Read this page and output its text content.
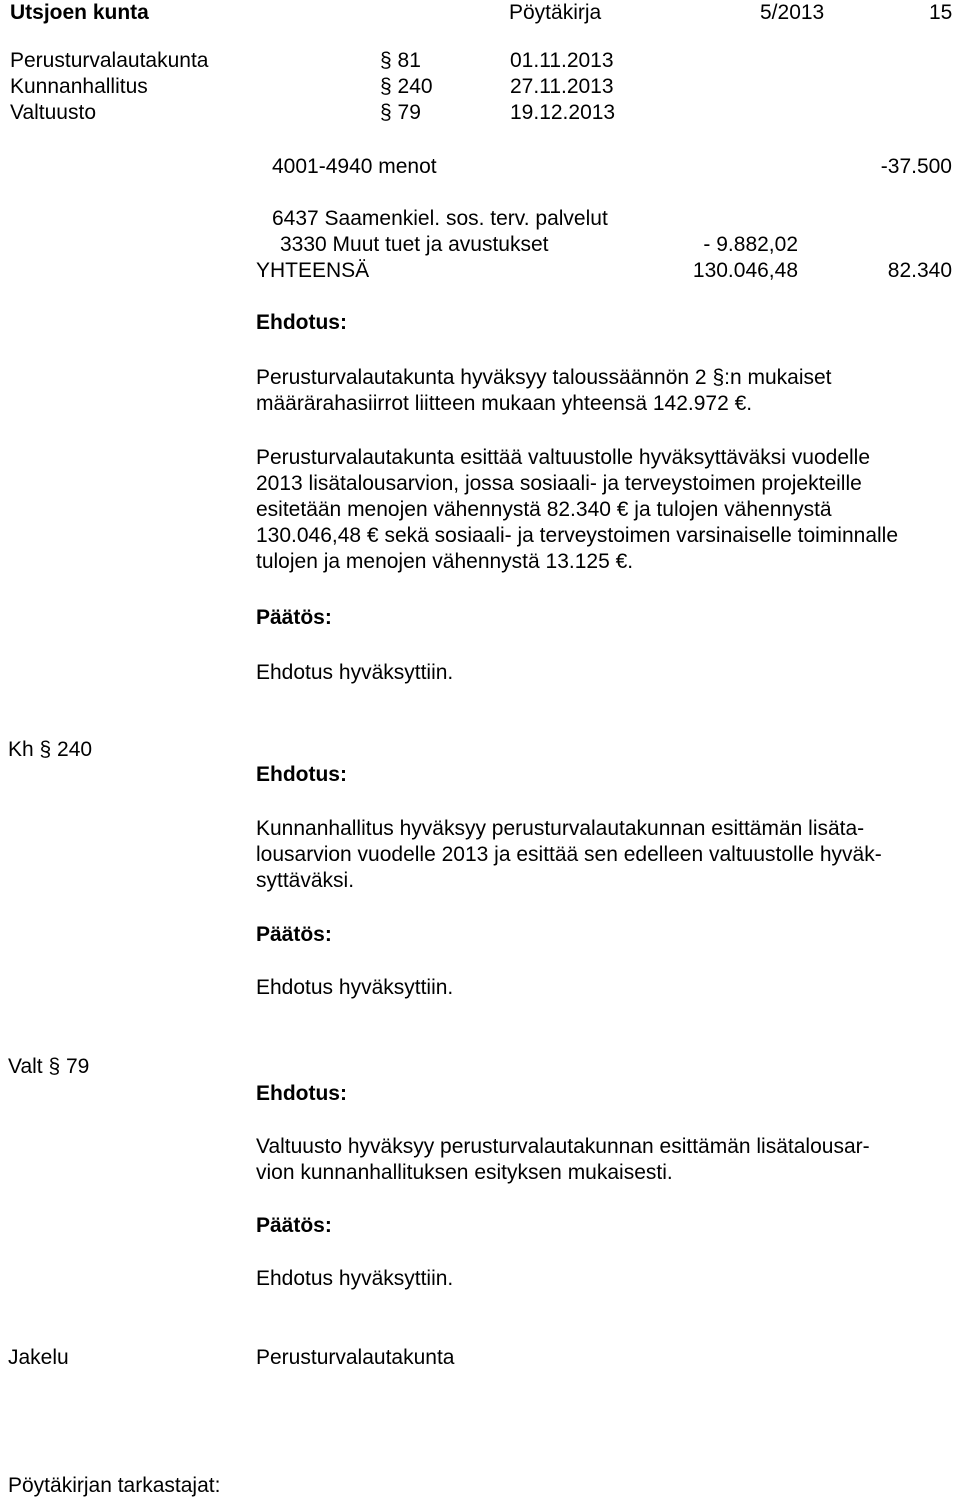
Utsjoen kunta	Pöytäkirja	5/2013	15
Perusturvalautakunta	§ 81	01.11.2013
Kunnanhallitus	§ 240	27.11.2013
Valtuusto	§ 79	19.12.2013
4001-4940 menot	-37.500
6437 Saamenkiel. sos. terv. palvelut
3330 Muut tuet ja avustukset	- 9.882,02
YHTEENSÄ	130.046,48	82.340
Ehdotus:
Perusturvalautakunta hyväksyy taloussäännön 2 §:n mukaiset
määrärahasiirrot liitteen mukaan yhteensä 142.972 €.
Perusturvalautakunta esittää valtuustolle hyväksyttäväksi vuodelle
2013 lisätalousarvion, jossa sosiaali- ja terveystoimen projekteille
esitetään menojen vähennystä 82.340 € ja tulojen vähennystä
130.046,48 € sekä sosiaali- ja terveystoimen varsinaiselle toiminnalle
tulojen ja menojen vähennystä 13.125 €.
Päätös:
Ehdotus hyväksyttiin.
Kh § 240
Ehdotus:
Kunnanhallitus hyväksyy perusturvalautakunnan esittämän lisäta-
lousarvion vuodelle 2013 ja esittää sen edelleen valtuustolle hyväk-
syttäväksi.
Päätös:
Ehdotus hyväksyttiin.
Valt § 79
Ehdotus:
Valtuusto hyväksyy perusturvalautakunnan esittämän lisätalousar-
vion kunnanhallituksen esityksen mukaisesti.
Päätös:
Ehdotus hyväksyttiin.
Jakelu	Perusturvalautakunta
Pöytäkirjan tarkastajat:
